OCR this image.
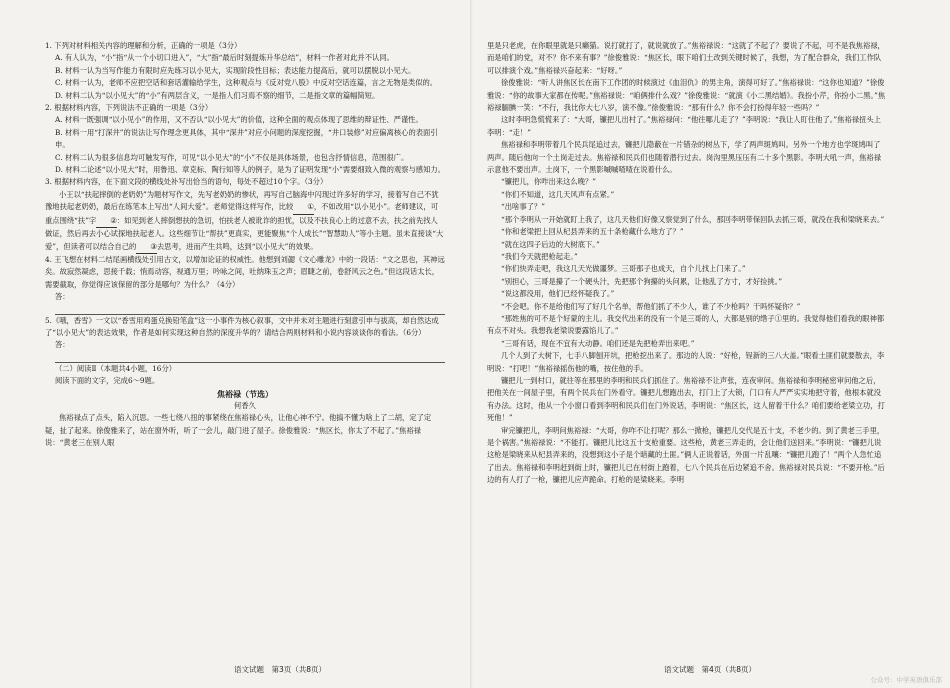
1. 下列对材料相关内容的理解和分析，正确的一项是（3分）

A. 有人认为，“小”指“从一个小切口进入”，“大”指“最后时刻提炼升华总结”，材料一作者对此并不认同。

B. 材料一认为当写作能力有限时应先练习以小见大，实现阶段性目标；表达能力提高后，就可以摆脱以小见大。

C. 材料一认为，老师不应把空话和套话灌输给学生，这种观点与《反对党八股》中反对空话连篇，言之无物是类似的。

D. 材料二认为“以小见大”的“小”有两层含义，一是指人们习焉不察的细节，二是指文章的篇幅简短。

2. 根据材料内容，下列说法不正确的一项是（3分）

A. 材料一既强调“以小见小”的作用，又不否认“以小见大”的价值，这种全面的观点体现了思维的辩证性、严谨性。

B. 材料一用“打深井”的说法让写作理念更具体，其中“深井”对应小问题的深度挖掘，“井口装修”对应偏离核心的表面引申。

C. 材料二认为很多信息均可触发写作，可见“以小见大”的“小”不仅是具体场景，也包含抒情信息，范围很广。

D. 材料二论述“以小见大”时，用鲁迅、章克标、陶行知等人的例子，是为了证明发现“小”需要细致入微的观察与感知力。

3. 根据材料内容，在下面文段的横线处补写出恰当的语句，每处不超过10个字。（3分）

小王以“扶起摔倒的老奶奶”为题材写作文，先写老奶奶的惨状，再写自己脑海中闪现过许多好的学习，接着写自己不犹豫地扶起老奶奶，最后在练笔本上写出“人间大爱”。老师觉得这样写作，比较 ①，不如改用“以小见小”。老师建议，可重点围绕“扶”字 ②：如见到老人摔倒想扶的急切，怕扶老人被讹诈的担忧，以及不扶良心上的过意不去，扶之前先找人做证，然后再去小心试探地扶起老人。这些细节让“帮扶”更真实，更能聚焦“个人成长”“智慧助人”等小主题。虽未直接谈“大爱”，但读者可以结合自己的 ③去思考，进而产生共鸣，达到“以小见大”的效果。

4. 王飞想在材料二结尾画横线处引用古文，以增加论证的权威性。他想到刘勰《文心雕龙》中的一段话：“文之思也，其神远矣。故寂然凝虑，思接千载；悄焉动容，视通万里；吟咏之间，吐纳珠玉之声；眉睫之前，卷舒风云之色。”但这段话太长，需要截取，你觉得应该保留的部分是哪句？为什么？（4分）

答：

5.《哦，香雪》一文以“香雪用鸡蛋兑换铅笔盒”这一小事件为核心叙事，文中并未对主题进行刻意引申与拔高，却自然达成了“以小见大”的表达效果，作者是如何实现这种自然的深度升华的？请结合两则材料和小说内容谈谈你的看法。（6分）

答：

（二）阅读Ⅱ（本题共4小题，16分）

阅读下面的文字，完成6～9题。

焦裕禄（节选）

何香久

焦裕禄点了点头，陷入沉思。一些七绕八扭的事紧绕在焦裕禄心头，让他心神不宁。他搞不懂为啥上了二胡，定了定疑，扯了起来。徐俊雅来了，站在窗外听，听了一会儿，敲门进了屋子。徐俊雅说：“焦区长，你太了不起了。”焦裕禄说：“黄老三在别人眼

语文试题　第3页（共8页）

里是只老虎，在你眼里就是只癞猫。说打就打了，就说就放了。”焦裕禄说：“这就了不起了？要说了不起，可不是我焦裕禄，而是咱们的党，对不？你不来有事？”徐俊雅说：“焦区长，眼下咱们土改到关键时候了，我想，为了配合群众，我们工作队可以排演个戏。”焦裕禄兴奋起来：“好呀。”

徐俊雅说：“听人讲焦区长在南下工作团的时候演过《血泪仇》的男主角，演得可好了。”焦裕禄说：“这你也知道？”徐俊雅说：“你的故事大家都在传呢。”焦裕禄说：“咱俩排什么戏？”徐俊雅说：“就演《小二黑结婚》。我扮小芹，你扮小二黑。”焦裕禄腼腆一笑：“不行，我比你大七八岁，演不像。”徐俊雅说：“那有什么？你不会打扮得年轻一些吗？”

这时李明急慌慌来了：“大哥，镰把儿出村了。”焦裕禄问：“他往哪儿走了？”李明说：“我让人盯住他了。”焦裕禄扭头上李明：“走！”

焦裕禄和李明带着几个民兵尾追过去，镰把儿隐蔽在一片错杂的树丛下，学了两声斑鸠叫。另外一个地方也学斑鸠叫了两声。随后他向一个土岗走过去。焦裕禄和民兵们也随着潜行过去。岗沟里黑压压有二十多个黑影。李明大吼一声，焦裕禄示意他不要出声。土岗下，一个黑影嘁嘁喳喳在说着什么。

“镰把儿，你咋出来这么晚？”

“你们不知道，这几天风声有点紧。”

“出啥事了？”

“那个李明从一开始就盯上我了，这几天他们好像又察觉到了什么，那回李明带保回队去抓三哥，就没在我和梁晓来去。”

“你和老梁把上回从杞县弄来的五十条枪藏什么地方了？”

“就在这四子后边的大树底下。”

“我们今天就把枪起走。”

“你们快弄走吧，我这几天光做噩梦。三哥那子也成天，自个儿找上门来了。”

“别担心，三哥是攥了一个硬头汁，先把那个狗攥的头问累，让他乱了方寸，才好捡挑。”

“说这都没用，他们已经怀疑我了。”

“不会吧。你不是给他们写了好几个名单，帮他们抓了不少人，谁了不少枪吗？干吗怀疑你？”

“那姓焦的可不是个好蒙的主儿。我交代出来的没有一个是三哥的人，大都是别的绺子①里的。我觉得他们看我的眼神都有点不对头。我想我老梁说要露馅儿了。”

“三哥有话，现在不宜有大动静。咱们还是先把枪弄出来吧。”

几个人到了大树下，七手八脚刨开坑，把枪挖出来了。那边的人说：“好枪，锃新的三八大盖。”眼看土匪们就要散去，李明说：“打吧！”焦裕禄摇伤他的嘴，按住他的手。

镰把儿一到村口，就往等在那里的李明和民兵们抓住了。焦裕禄不让声张，连夜审问。焦裕禄和李明秘密审问他之后，把他关在一间屋子里，有两个民兵在门外看守。镰把儿想跑出去，打门上了大锁，门口有人严严实实地把守着，他根本就没有办法。这时，他从一个小窗口看到李明和民兵们在门外说话，李明说：“焦区长，这人留着干什么？咱们要给老梁立功，打死他！”

审完镰把儿，李明问焦裕禄：“大哥，你咋不让打呢？那么一掀枪，镰把儿交代是五十支，不老少的。到了黄老三手里，是个祸害。”焦裕禄说：“不能打。镰把儿比这五十支枪重要。这些枪，黄老三弄走的，会让他们送回来。”李明说：“镰把儿说这枪是梁晓来从杞县弄来的，没想到这小子是个暗藏的土匪。”俩人正说着话，外面一片乱嚷：“镰把儿跑了！”两个人急忙追了出去。焦裕禄和李明赶到街上时，镰把儿已在村街上跑着，七八个民兵在后边紧追不舍。焦裕禄对民兵说：“不要开枪。”后边的有人打了一枪，镰把儿应声跪命。打枪的是梁晓来。李明

语文试题　第4页（共8页）
公众号：中学英语俱乐部
